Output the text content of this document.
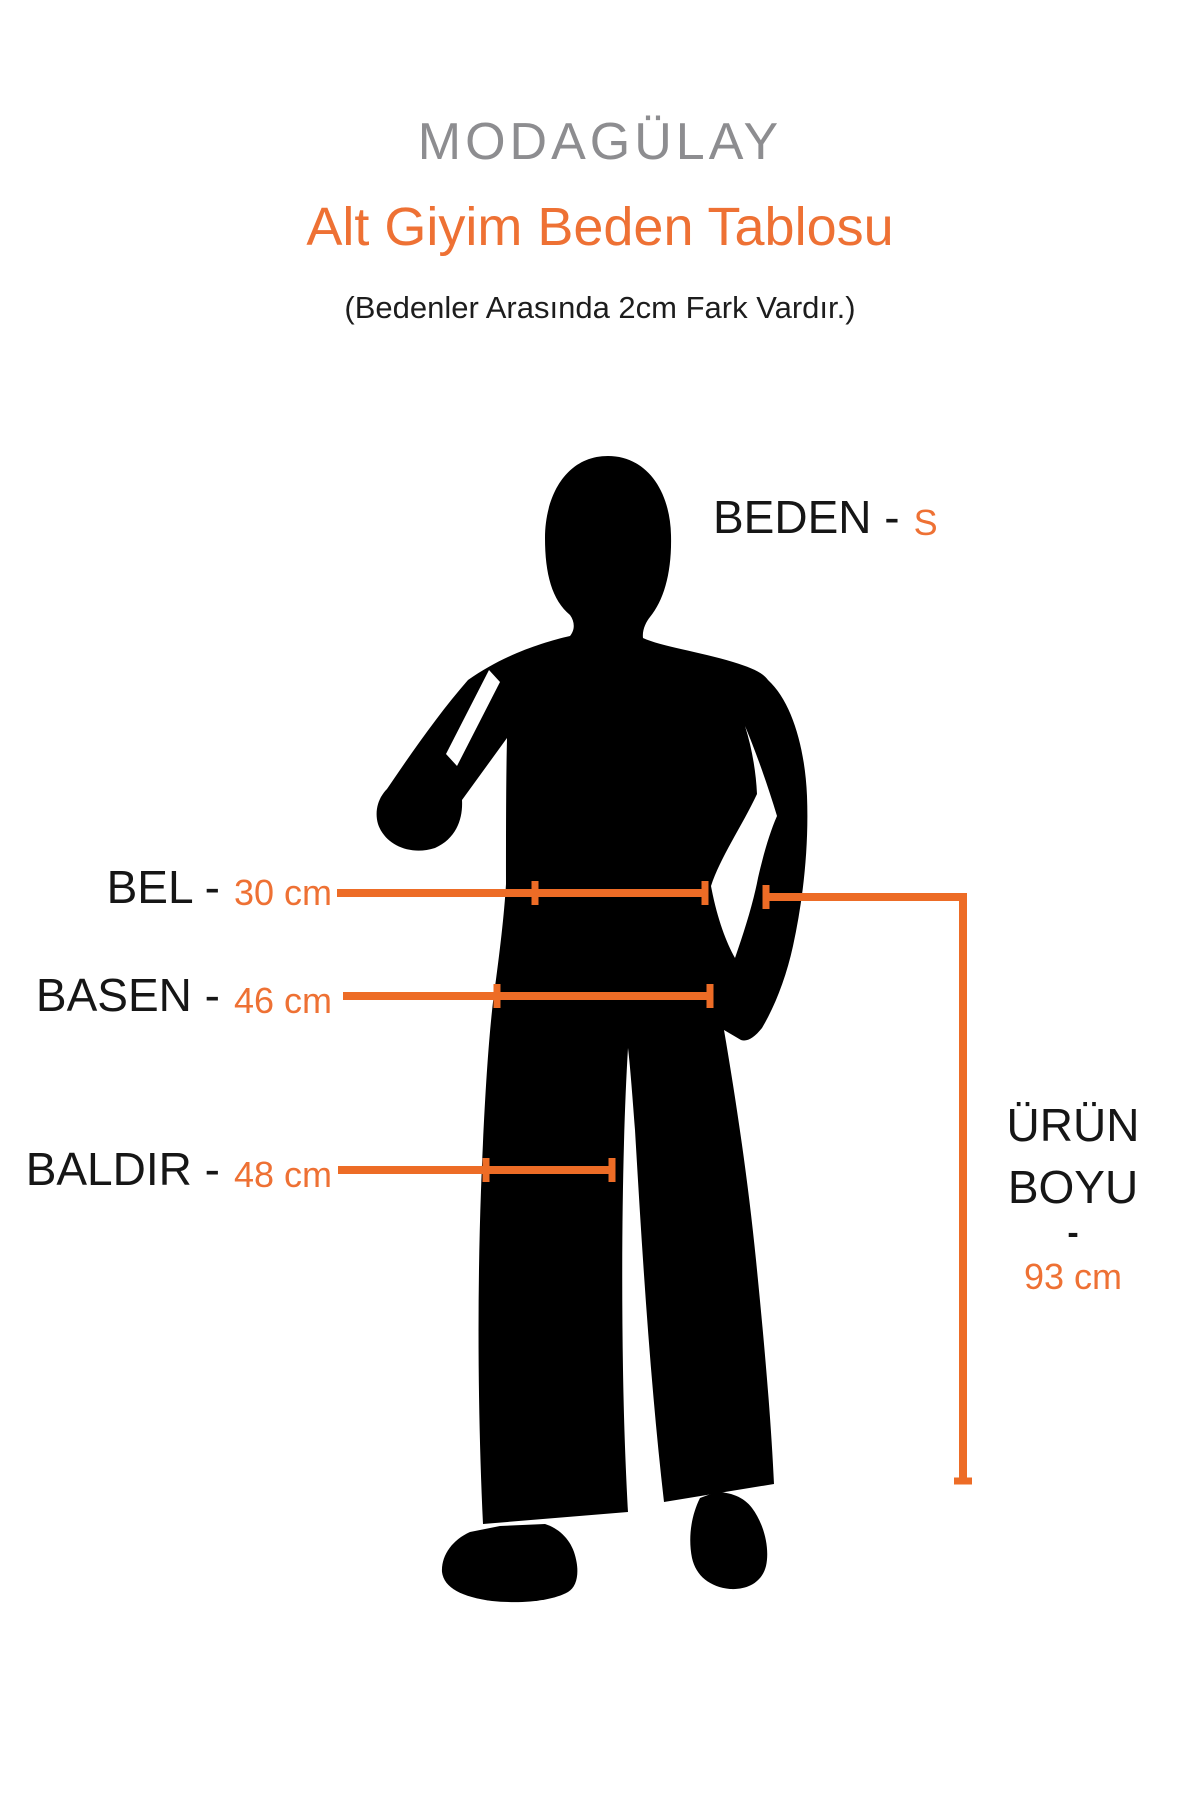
MODAGÜLAY
Alt Giyim Beden Tablosu
(Bedenler Arasında 2cm Fark Vardır.)
BEDEN - S
BEL - 30 cm
BASEN - 46 cm
BALDIR - 48 cm
ÜRÜN
BOYU
-
93 cm
